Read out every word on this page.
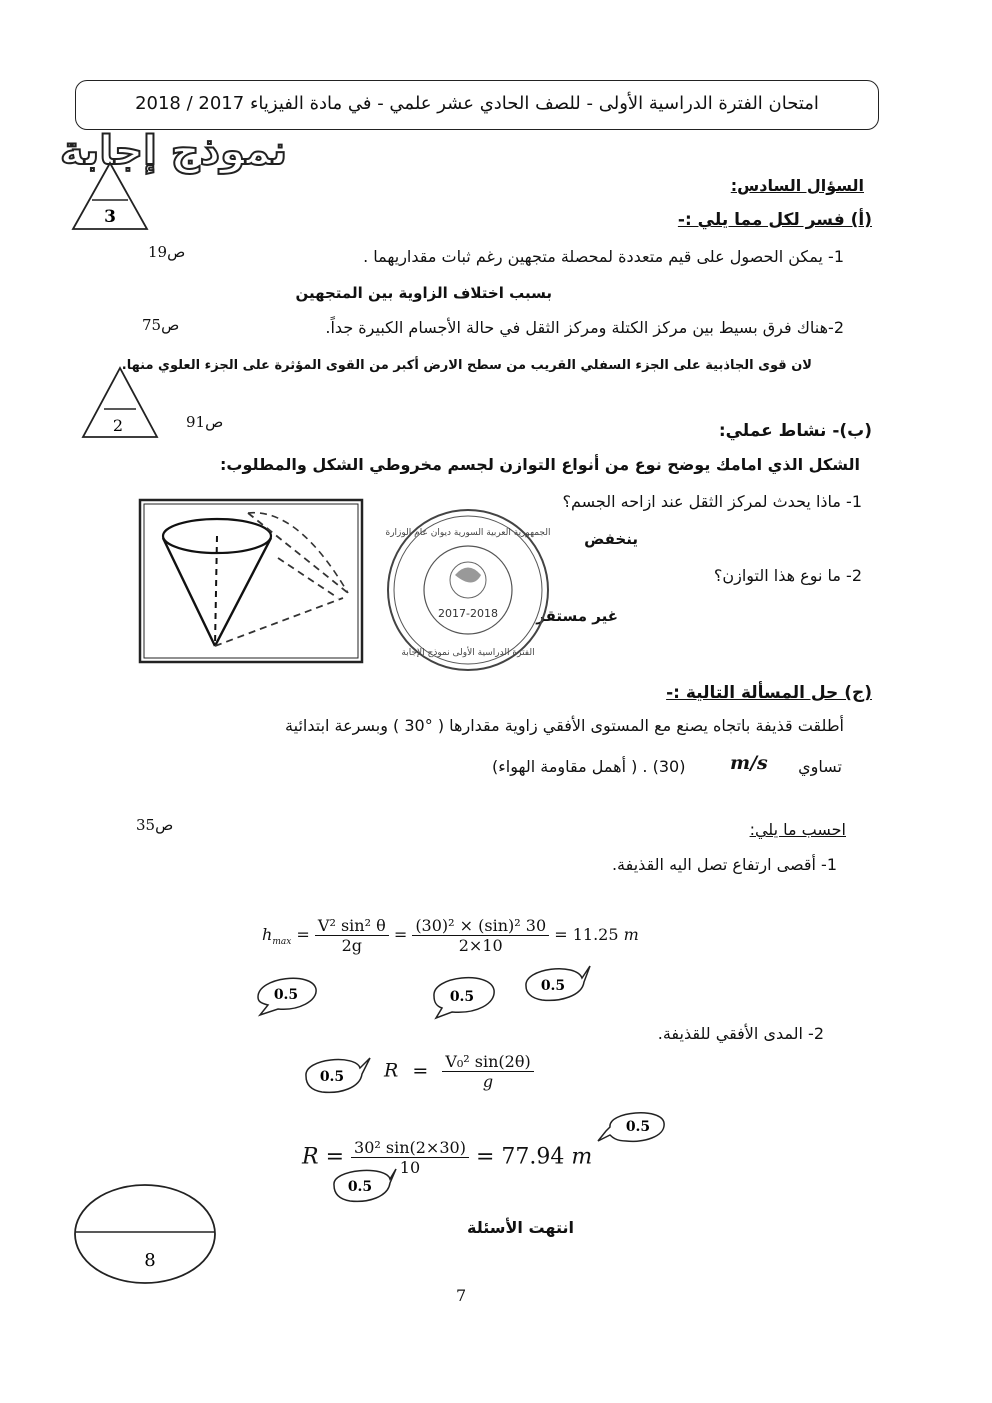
امتحان الفترة الدراسية الأولى - للصف الحادي عشر علمي - في مادة الفيزياء 2017 / 2018
نموذج إجابة
3
السؤال السادس:
(أ) فسر لكل مما يلي :-
1- يمكن الحصول على قيم متعددة لمحصلة متجهين رغم ثبات مقداريهما .
ص19
بسبب اختلاف الزاوية بين المتجهين
2-هناك فرق بسيط بين مركز الكتلة ومركز الثقل في حالة الأجسام الكبيرة جداً.
ص75
لان قوى الجاذبية على الجزء السفلي القريب من سطح الارض أكبر من القوى المؤثرة على الجزء العلوي منها.
2	ص91	(ب)- نشاط عملي:
الشكل الذي امامك يوضح نوع من أنواع التوازن لجسم مخروطي الشكل والمطلوب:
1- ماذا يحدث لمركز الثقل عند ازاحه الجسم؟
ينخفض
2- ما نوع هذا التوازن؟
غير مستقر
2017-2018
الجمهورية العربية السورية ديوان عام الوزارة
الفترة الدراسية الأولى نموذج الإجابة
(ج) حل المسألة التالية :-
أطلقت قذيفة باتجاه يصنع مع المستوى الأفقي زاوية مقدارها ( °30 ) وبسرعة ابتدائية
(30) . ( أهمل مقاومة الهواء) m/s تساوي
ص35	احسب ما يلي:
1- أقصى ارتفاع تصل اليه القذيفة.
$h_{max} = \frac{\text{V² sin² θ}}{2g} = \frac{\text{(30)² × (sin)² 30}}{2\times 10} = 11.25$ m
0.5	0.5
0.5
2- المدى الأفقي للقذيفة.
0.5 $R = \frac{\text{V₀² sin(2θ)}}{g}$
0.5
$R = \frac{\text{30² sin(2×30)}}{10} = 77.94$ m
0.5
8
انتهت الأسئلة
7
